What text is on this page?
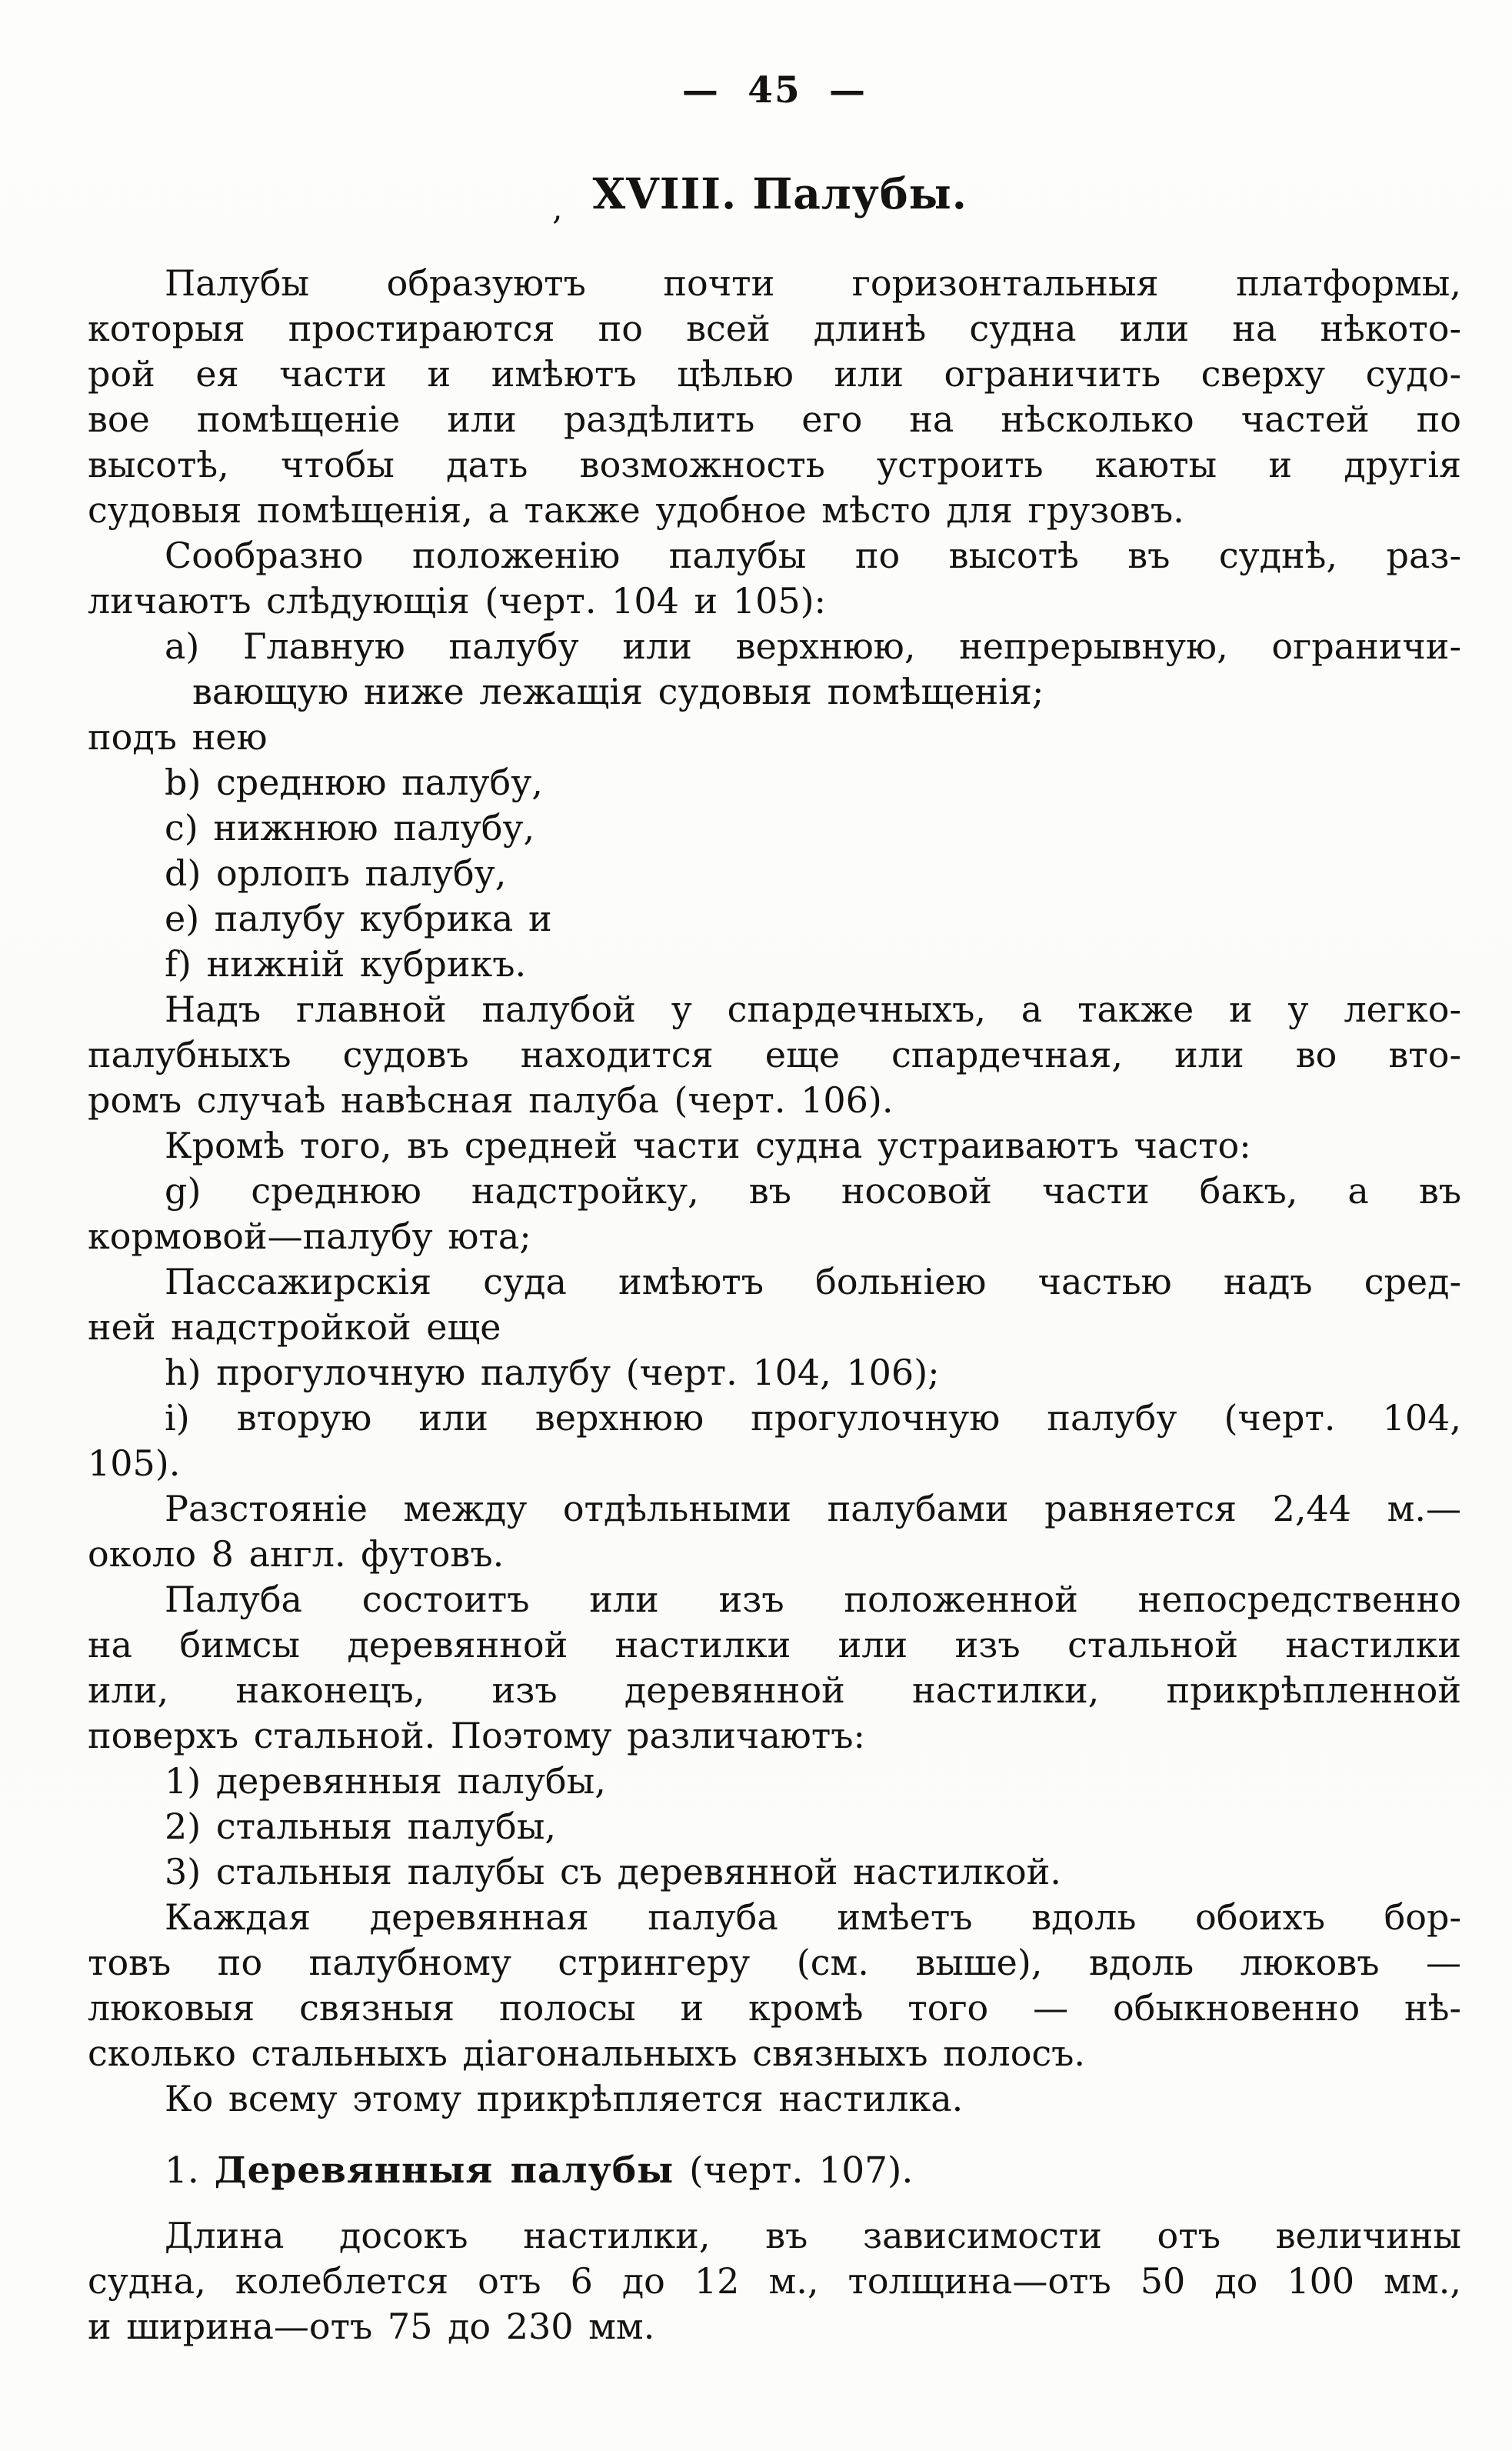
— 45 —
, XVIII. Палубы.
Палубы образуютъ почти горизонтальныя платформы,
которыя простираются по всей длинѣ судна или на нѣкото-
рой ея части и имѣютъ цѣлью или ограничить сверху судо-
вое помѣщеніе или раздѣлить его на нѣсколько частей по
высотѣ, чтобы дать возможность устроить каюты и другія
судовыя помѣщенія, а также удобное мѣсто для грузовъ.
Сообразно положенію палубы по высотѣ въ суднѣ, раз-
личаютъ слѣдующія (черт. 104 и 105):
a) Главную палубу или верхнюю, непрерывную, ограничи-
вающую ниже лежащія судовыя помѣщенія;
подъ нею
b) среднюю палубу,
c) нижнюю палубу,
d) орлопъ палубу,
e) палубу кубрика и
f) нижній кубрикъ.
Надъ главной палубой у спардечныхъ, а также и у легко-
палубныхъ судовъ находится еще спардечная, или во вто-
ромъ случаѣ навѣсная палуба (черт. 106).
Кромѣ того, въ средней части судна устраиваютъ часто:
g) среднюю надстройку, въ носовой части бакъ, а въ
кормовой—палубу юта;
Пассажирскія суда имѣютъ больніею частью надъ сред-
ней надстройкой еще
h) прогулочную палубу (черт. 104, 106);
i) вторую или верхнюю прогулочную палубу (черт. 104,
105).
Разстояніе между отдѣльными палубами равняется 2,44 м.—
около 8 англ. футовъ.
Палуба состоитъ или изъ положенной непосредственно
на бимсы деревянной настилки или изъ стальной настилки
или, наконецъ, изъ деревянной настилки, прикрѣпленной
поверхъ стальной. Поэтому различаютъ:
1) деревянныя палубы,
2) стальныя палубы,
3) стальныя палубы съ деревянной настилкой.
Каждая деревянная палуба имѣетъ вдоль обоихъ бор-
товъ по палубному стрингеру (см. выше), вдоль люковъ —
люковыя связныя полосы и кромѣ того — обыкновенно нѣ-
сколько стальныхъ діагональныхъ связныхъ полосъ.
Ко всему этому прикрѣпляется настилка.
1. Деревянныя палубы (черт. 107).
Длина досокъ настилки, въ зависимости отъ величины
судна, колеблется отъ 6 до 12 м., толщина—отъ 50 до 100 мм.,
и ширина—отъ 75 до 230 мм.
